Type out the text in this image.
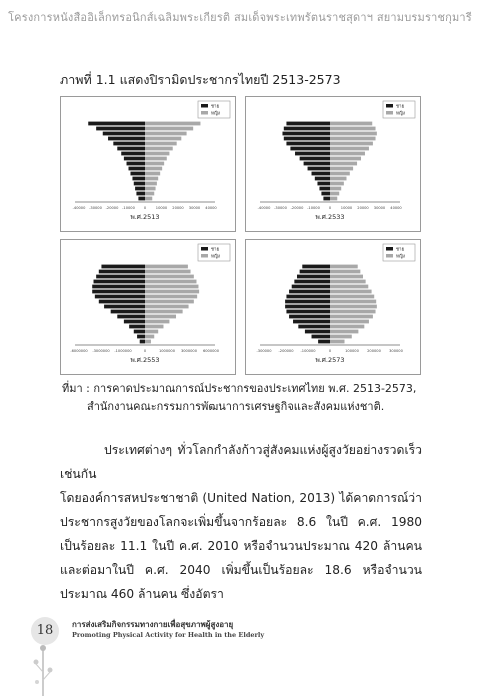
โครงการหนังสืออิเล็กทรอนิกส์เฉลิมพระเกียรติ สมเด็จพระเทพรัตนราชสุดาฯ สยามบรมราชกุมารี
ภาพที่ 1.1 แสดงปิรามิดประชากรไทยปี 2513-2573
-40000 -30000 -20000 -10000 0	10000 20000 30000 40000
พ.ศ.2513
ชาย
หญิง
-40000 -30000 -20000 -10000 0	10000 20000 30000 40000
พ.ศ.2533
ชาย
หญิง
-6000000 -3000000 -1000000	0	1000000 3000000 6000000
พ.ศ.2553
ชาย
หญิง
-300000 -200000 -100000	0	100000 200000 300000
พ.ศ.2573
ชาย
หญิง
ที่มา : การคาดประมาณการณ์ประชากรของประเทศไทย พ.ศ. 2513-2573,
สำนักงานคณะกรรมการพัฒนาการเศรษฐกิจและสังคมแห่งชาติ.
ประเทศต่างๆ ทั่วโลกกำลังก้าวสู่สังคมแห่งผู้สูงวัยอย่างรวดเร็วเช่นกัน
โดยองค์การสหประชาชาติ (United Nation, 2013) ได้คาดการณ์ว่าประชากรสูงวัยของโลกจะเพิ่มขึ้นจากร้อยละ 8.6 ในปี ค.ศ. 1980 เป็นร้อยละ 11.1 ในปี ค.ศ. 2010 หรือจำนวนประมาณ 420 ล้านคน และต่อมาในปี ค.ศ. 2040 เพิ่มขึ้นเป็นร้อยละ 18.6 หรือจำนวนประมาณ 460 ล้านคน ซึ่งอัตรา
18	การส่งเสริมกิจกรรมทางกายเพื่อสุขภาพผู้สูงอายุ
Promoting Physical Activity for Health in the Elderly
